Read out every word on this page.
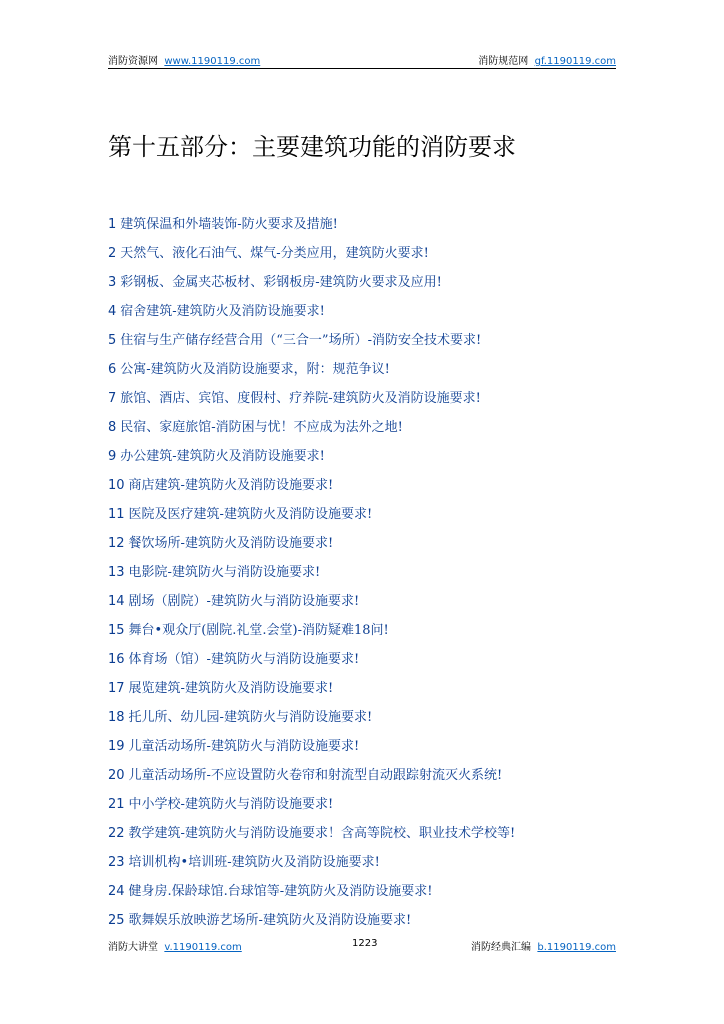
消防资源网 www.1190119.com	消防规范网 gf.1190119.com
第十五部分：主要建筑功能的消防要求
1 建筑保温和外墙装饰-防火要求及措施!
2 天然气、液化石油气、煤气-分类应用，建筑防火要求!
3 彩钢板、金属夹芯板材、彩钢板房-建筑防火要求及应用!
4 宿舍建筑-建筑防火及消防设施要求!
5 住宿与生产储存经营合用（“三合一”场所）-消防安全技术要求!
6 公寓-建筑防火及消防设施要求，附：规范争议!
7 旅馆、酒店、宾馆、度假村、疗养院-建筑防火及消防设施要求!
8 民宿、家庭旅馆-消防困与忧！不应成为法外之地!
9 办公建筑-建筑防火及消防设施要求!
10 商店建筑-建筑防火及消防设施要求!
11 医院及医疗建筑-建筑防火及消防设施要求!
12 餐饮场所-建筑防火及消防设施要求!
13 电影院-建筑防火与消防设施要求!
14 剧场（剧院）-建筑防火与消防设施要求!
15 舞台•观众厅(剧院.礼堂.会堂)-消防疑难18问!
16 体育场（馆）-建筑防火与消防设施要求!
17 展览建筑-建筑防火及消防设施要求!
18 托儿所、幼儿园-建筑防火与消防设施要求!
19 儿童活动场所-建筑防火与消防设施要求!
20 儿童活动场所-不应设置防火卷帘和射流型自动跟踪射流灭火系统!
21 中小学校-建筑防火与消防设施要求!
22 教学建筑-建筑防火与消防设施要求！含高等院校、职业技术学校等!
23 培训机构•培训班-建筑防火及消防设施要求!
24 健身房.保龄球馆.台球馆等-建筑防火及消防设施要求!
25 歌舞娱乐放映游艺场所-建筑防火及消防设施要求!
消防大讲堂 v.1190119.com	1223	消防经典汇编 b.1190119.com
